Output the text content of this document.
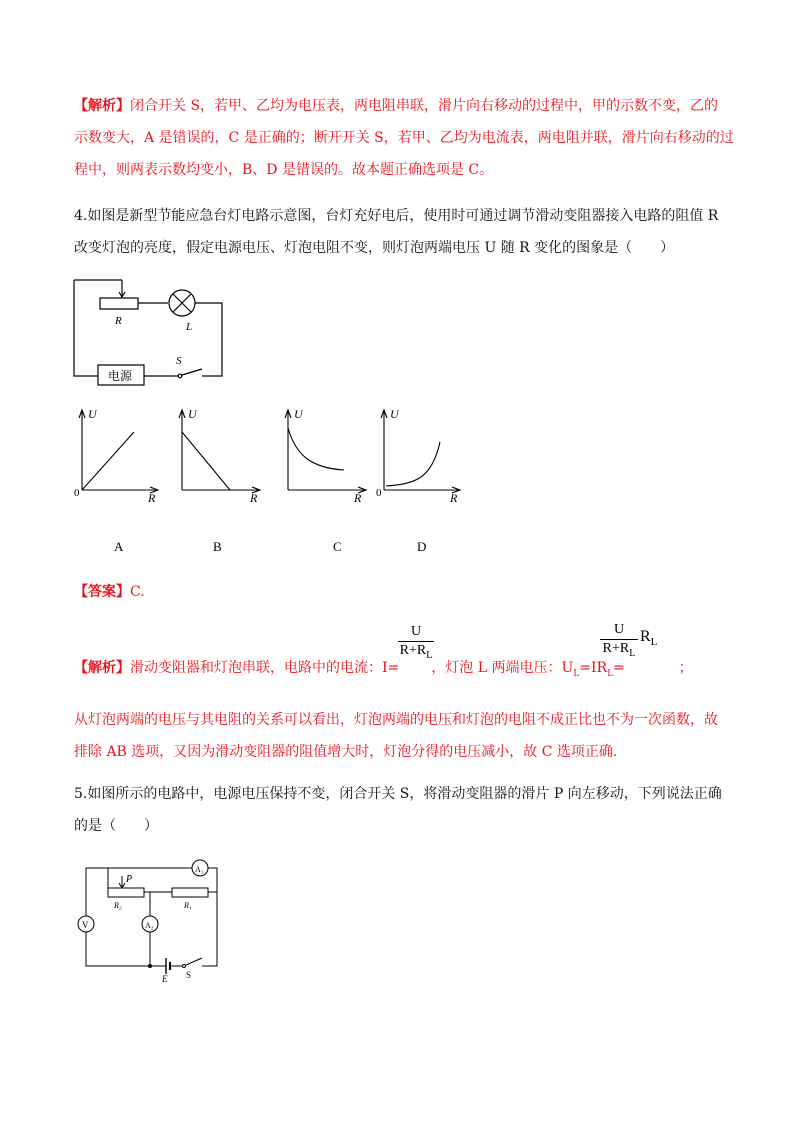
【解析】闭合开关 S，若甲、乙均为电压表，两电阻串联，滑片向右移动的过程中，甲的示数不变，乙的
示数变大，A 是错误的，C 是正确的；断开开关 S，若甲、乙均为电流表，两电阻并联，滑片向右移动的过
程中，则两表示数均变小，B、D 是错误的。故本题正确选项是 C。
4.如图是新型节能应急台灯电路示意图，台灯充好电后，使用时可通过调节滑动变阻器接入电路的阻值 R
改变灯泡的亮度，假定电源电压、灯泡电阻不变，则灯泡两端电压 U 随 R 变化的图象是（　　）
R	L
S
电源
U
0	R
U
R
U
R
U
0	R
A	B	C	D
【答案】C.
U
$R+R_L$
U
$R+R_L$
$R_L$
【解析】滑动变阻器和灯泡串联，电路中的电流：I= ，灯泡 L 两端电压：$U_L=IR_L=$	；
从灯泡两端的电压与其电阻的关系可以看出，灯泡两端的电压和灯泡的电阻不成正比也不为一次函数，故
排除 AB 选项，又因为滑动变阻器的阻值增大时，灯泡分得的电压减小，故 C 选项正确.
5.如图所示的电路中，电源电压保持不变，闭合开关 S，将滑动变阻器的滑片 P 向左移动，下列说法正确
的是（　　）
A₁
V	A₂
P
R₂	R₁
E S
